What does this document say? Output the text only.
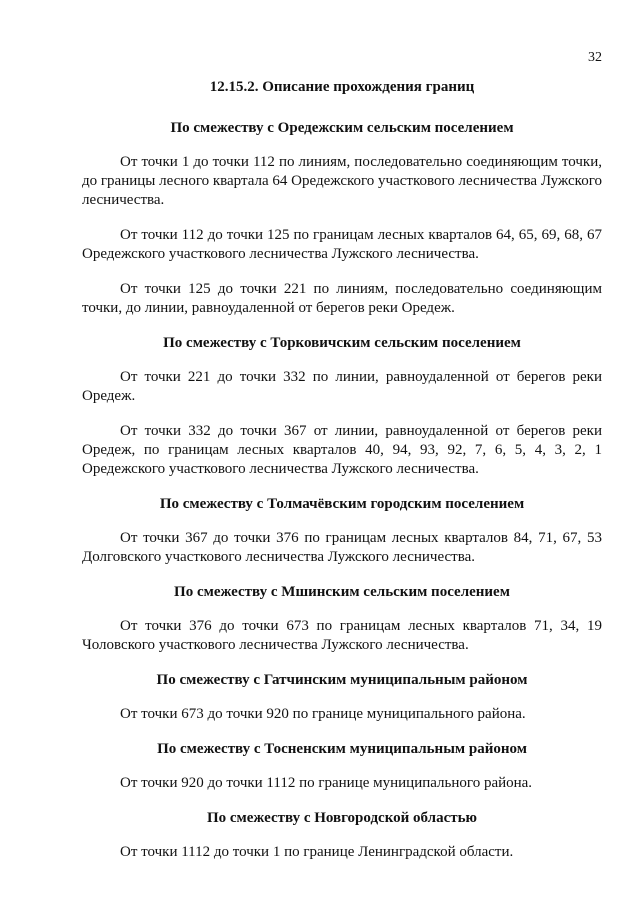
32
12.15.2. Описание прохождения границ
По смежеству с Оредежским сельским поселением

От точки 1 до точки 112 по линиям, последовательно соединяющим точки, до границы лесного квартала 64 Оредежского участкового лесничества Лужского лесничества.

От точки 112 до точки 125 по границам лесных кварталов 64, 65, 69, 68, 67 Оредежского участкового лесничества Лужского лесничества.

От точки 125 до точки 221 по линиям, последовательно соединяющим точки, до линии, равноудаленной от берегов реки Оредеж.

По смежеству с Торковичским сельским поселением

От точки 221 до точки 332 по линии, равноудаленной от берегов реки Оредеж.

От точки 332 до точки 367 от линии, равноудаленной от берегов реки Оредеж, по границам лесных кварталов 40, 94, 93, 92, 7, 6, 5, 4, 3, 2, 1 Оредежского участкового лесничества Лужского лесничества.

По смежеству с Толмачёвским городским поселением

От точки 367 до точки 376 по границам лесных кварталов 84, 71, 67, 53 Долговского участкового лесничества Лужского лесничества.

По смежеству с Мшинским сельским поселением

От точки 376 до точки 673 по границам лесных кварталов 71, 34, 19 Чоловского участкового лесничества Лужского лесничества.

По смежеству с Гатчинским муниципальным районом

От точки 673 до точки 920 по границе муниципального района.

По смежеству с Тосненским муниципальным районом

От точки 920 до точки 1112 по границе муниципального района.

По смежеству с Новгородской областью

От точки 1112 до точки 1 по границе Ленинградской области.
